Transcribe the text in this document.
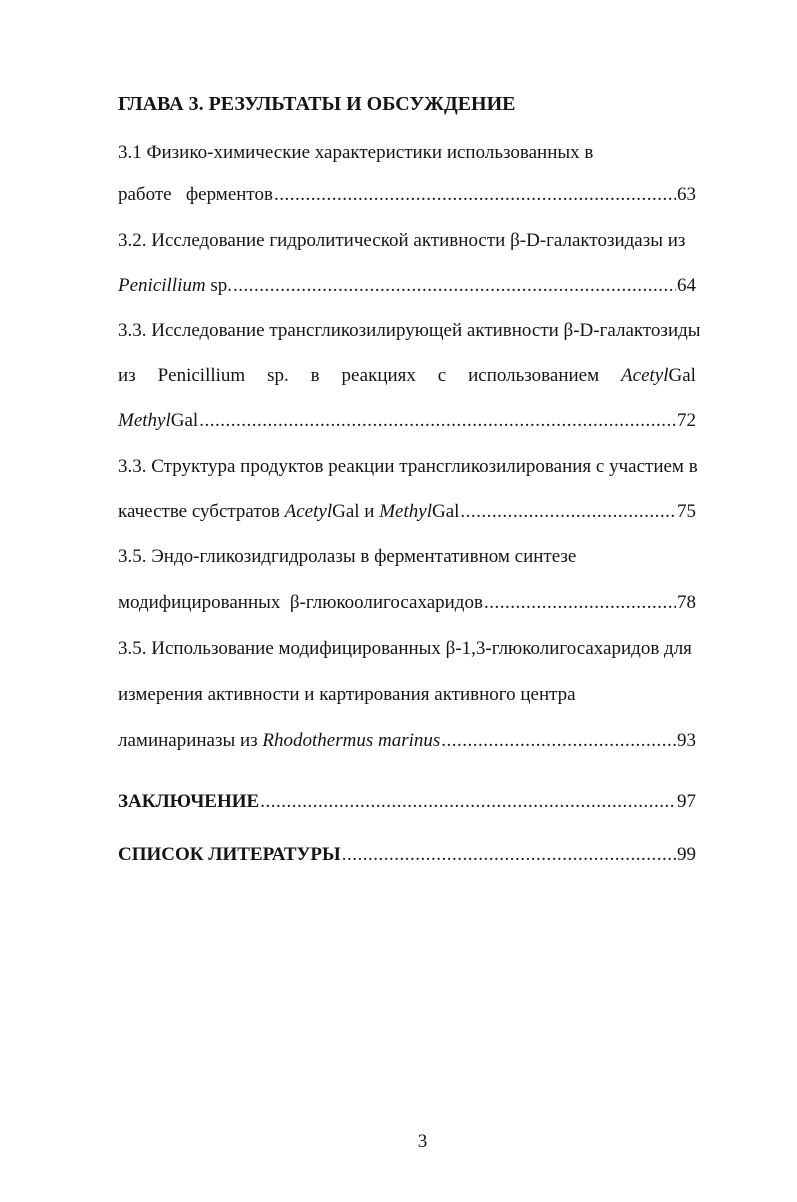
ГЛАВА 3. РЕЗУЛЬТАТЫ И ОБСУЖДЕНИЕ
3.1 Физико-химические характеристики использованных в
работе ферментов .....	63
3.2. Исследование гидролитической активности β-D-галактозидазы из
Penicillium sp. .....	64
3.3. Исследование трансгликозилирующей активности β-D-галактозиды
из Penicillium sp. в реакциях с использованием AcetylGal
MethylGal .....	72
3.3. Структура продуктов реакции трансгликозилирования с участием в
качестве субстратов AcetylGal и MethylGal .....	75
3.5. Эндо-гликозидгидролазы в ферментативном синтезе
модифицированных β-глюкоолигосахаридов .....	78
3.5. Использование модифицированных β-1,3-глюколигосахаридов для
измерения активности и картирования активного центра
ламинариназы из Rhodothermus marinus .....	93
ЗАКЛЮЧЕНИЕ .....	97
СПИСОК ЛИТЕРАТУРЫ .....	99
3
